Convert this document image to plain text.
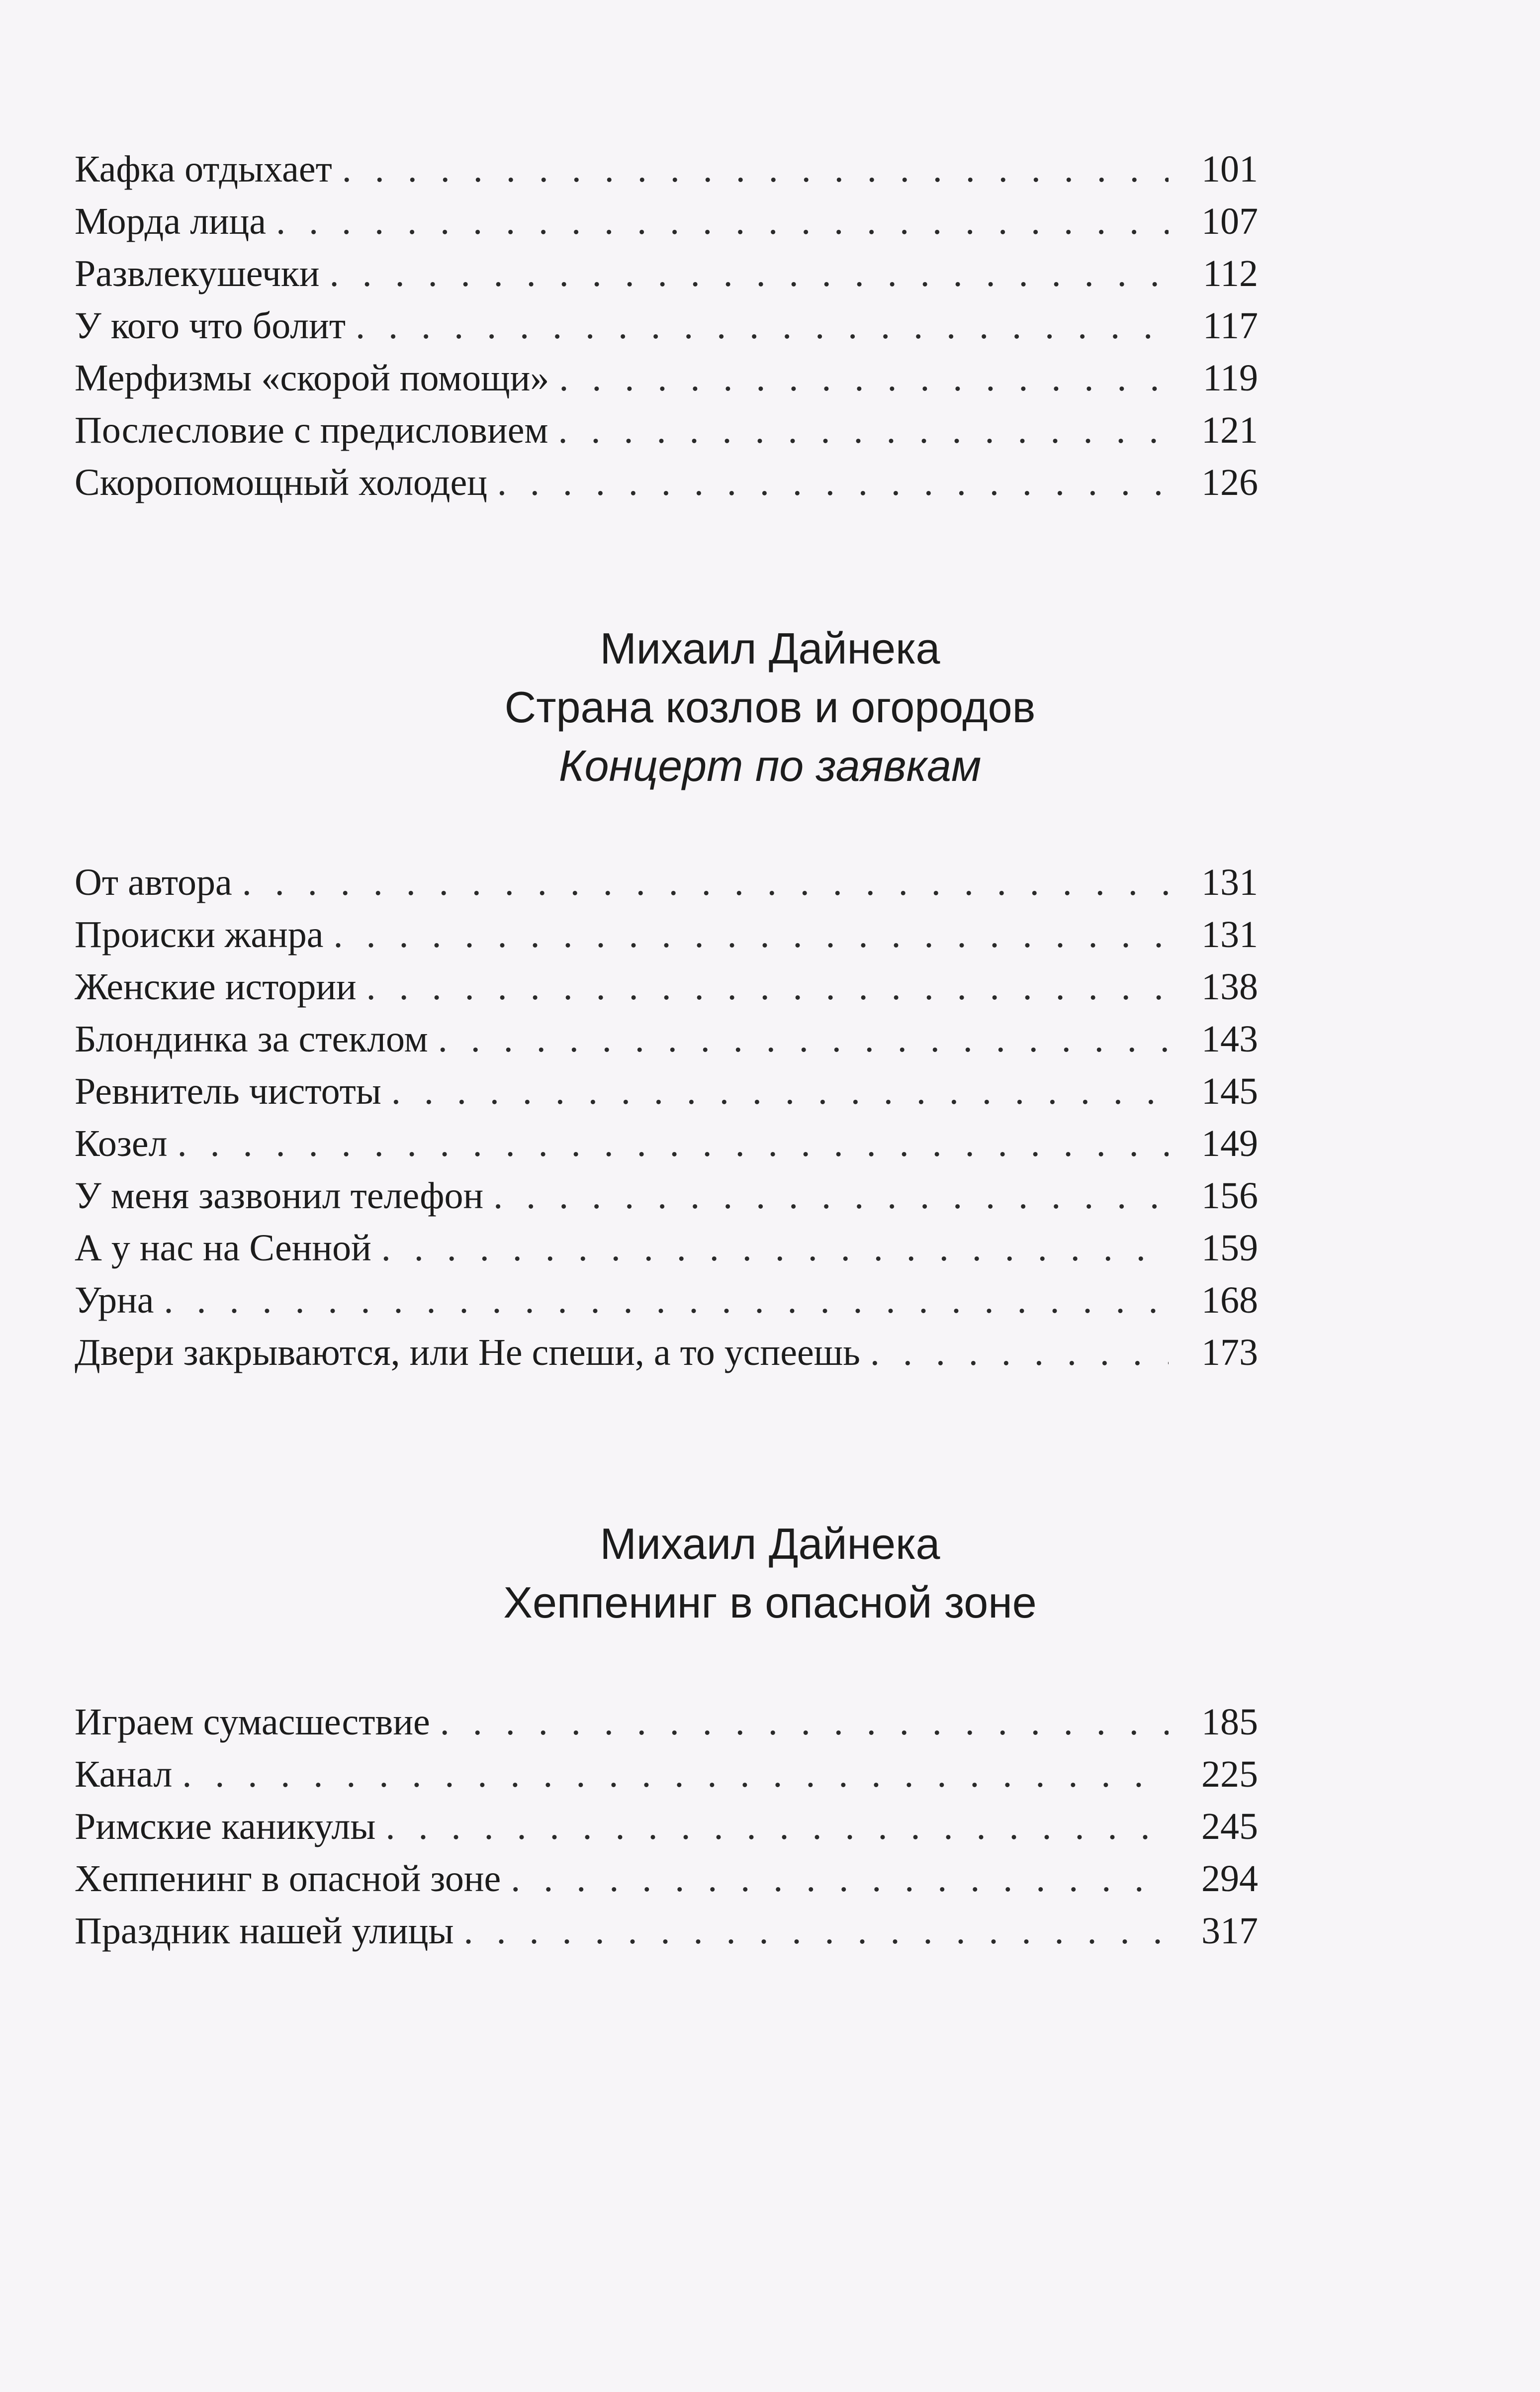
Кафка отдыхает . . .	101
Морда лица . . .	107
Развлекушечки . . .	112
У кого что болит . . .	117
Мерфизмы «скорой помощи» . . .	119
Послесловие с предисловием . . .	121
Скоропомощный холодец . . .	126
Михаил Дайнека
Страна козлов и огородов
Концерт по заявкам
От автора . . .	131
Происки жанра . . .	131
Женские истории . . .	138
Блондинка за стеклом . . .	143
Ревнитель чистоты . . .	145
Козел . . .	149
У меня зазвонил телефон . . .	156
А у нас на Сенной . . .	159
Урна . . .	168
Двери закрываются, или Не спеши, а то успеешь . . .	173
Михаил Дайнека
Хеппенинг в опасной зоне
Играем сумасшествие . . .	185
Канал . . .	225
Римские каникулы . . .	245
Хеппенинг в опасной зоне . . .	294
Праздник нашей улицы . . .	317
